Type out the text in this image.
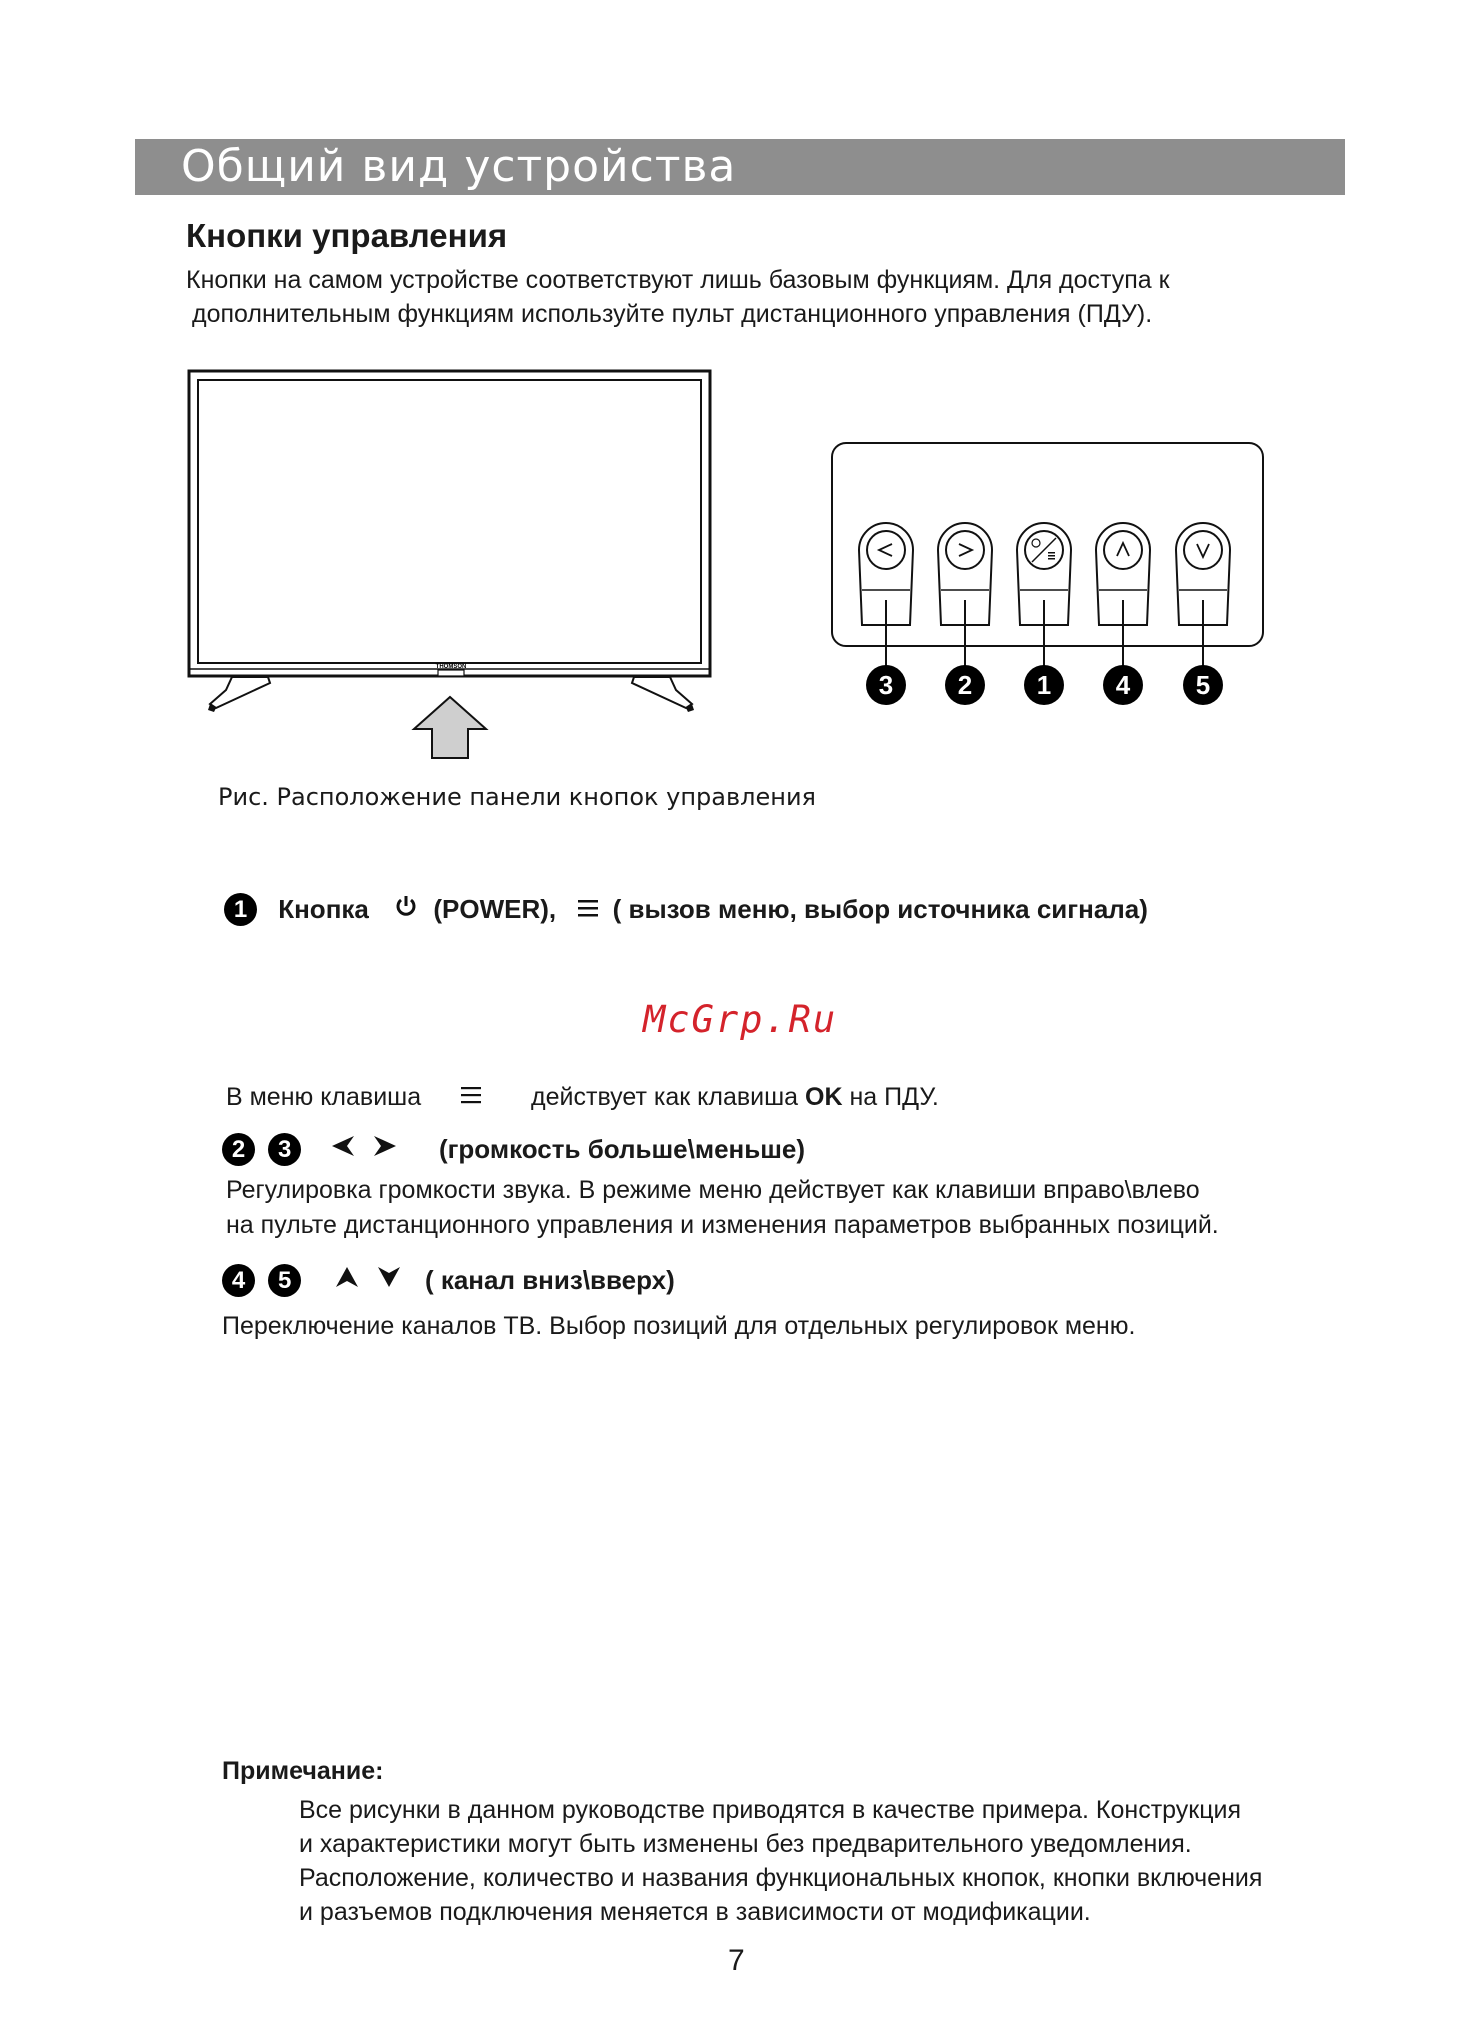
Общий вид устройства
Кнопки управления
Кнопки на самом устройстве соответствуют лишь базовым функциям. Для доступа к
дополнительным функциям используйте пульт дистанционного управления (ПДУ).
THOMSON
3 2 1 4	5
Рис. Расположение панели кнопок управления
1 Кнопка (POWER), ( вызов меню, выбор источника сигнала)
McGrp.Ru
В меню клавиша	действует как клавиша OK на ПДУ.
2 3	(громкость больше\меньше)
Регулировка громкости звука. В режиме меню действует как клавиши вправо\влево
на пульте дистанционного управления и изменения параметров выбранных позиций.
4 5	( канал вниз\вверх)
Переключение каналов ТВ. Выбор позиций для отдельных регулировок меню.
Примечание:
Все рисунки в данном руководстве приводятся в качестве примера. Конструкция
и характеристики могут быть изменены без предварительного уведомления.
Расположение, количество и названия функциональных кнопок, кнопки включения
и разъемов подключения меняется в зависимости от модификации.
7
